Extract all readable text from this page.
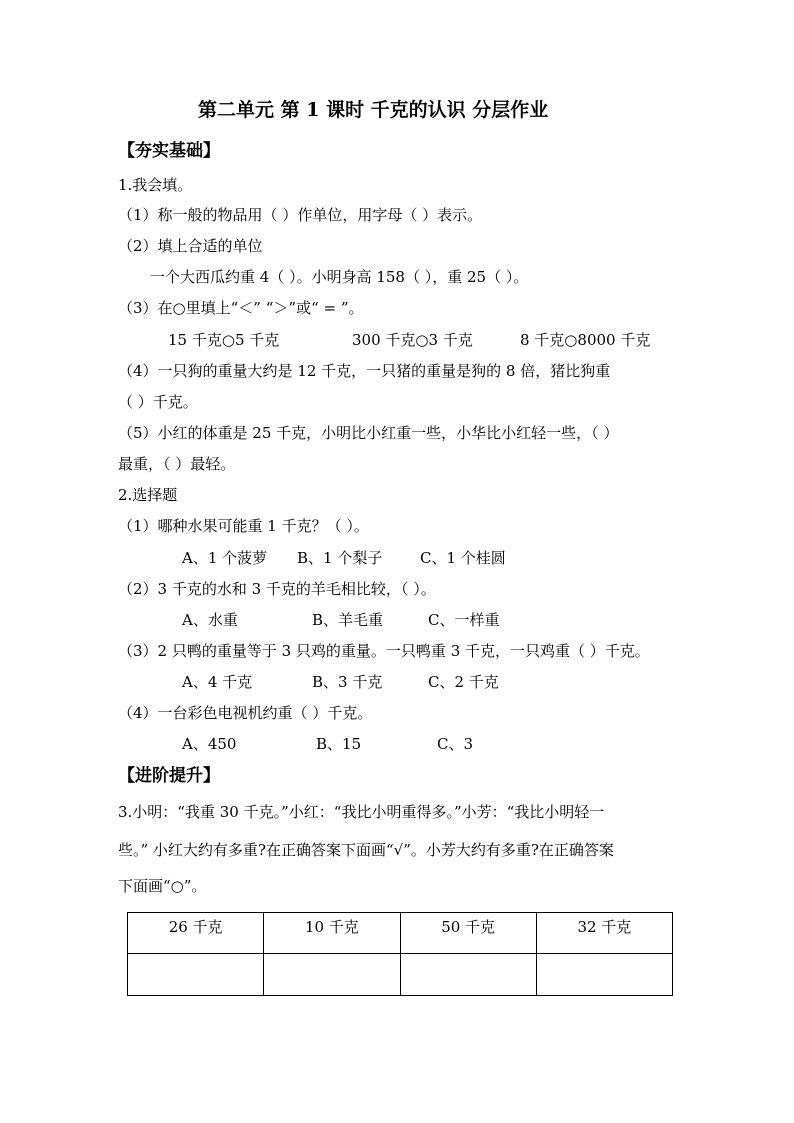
第二单元 第 1 课时 千克的认识 分层作业
【夯实基础】
1.我会填。
（1）称一般的物品用（ ）作单位，用字母（ ）表示。
（2）填上合适的单位
一个大西瓜约重 4（ ）。小明身高 158（ ），重 25（ ）。
（3）在○里填上“＜” “＞”或“ = ”。
15 千克○5 千克	300 千克○3 千克	8 千克○8000 千克
（4）一只狗的重量大约是 12 千克，一只猪的重量是狗的 8 倍，猪比狗重
（ ）千克。
（5）小红的体重是 25 千克，小明比小红重一些，小华比小红轻一些，（ ）
最重，（ ）最轻。
2.选择题
（1）哪种水果可能重 1 千克？（ ）。
A、1 个菠萝 B、1 个梨子	C、1 个桂圆
（2）3 千克的水和 3 千克的羊毛相比较，（ ）。
A、水重	B、羊毛重	C、一样重
（3）2 只鸭的重量等于 3 只鸡的重量。一只鸭重 3 千克，一只鸡重（ ）千克。
A、4 千克	B、3 千克	C、2 千克
（4）一台彩色电视机约重（ ）千克。
A、450	B、15	C、3
【进阶提升】
3.小明：“我重 30 千克。”小红：“我比小明重得多。”小芳：“我比小明轻一
些。” 小红大约有多重?在正确答案下面画“√”。小芳大约有多重?在正确答案
下面画“○”。
26 千克	10 千克	50 千克	32 千克
